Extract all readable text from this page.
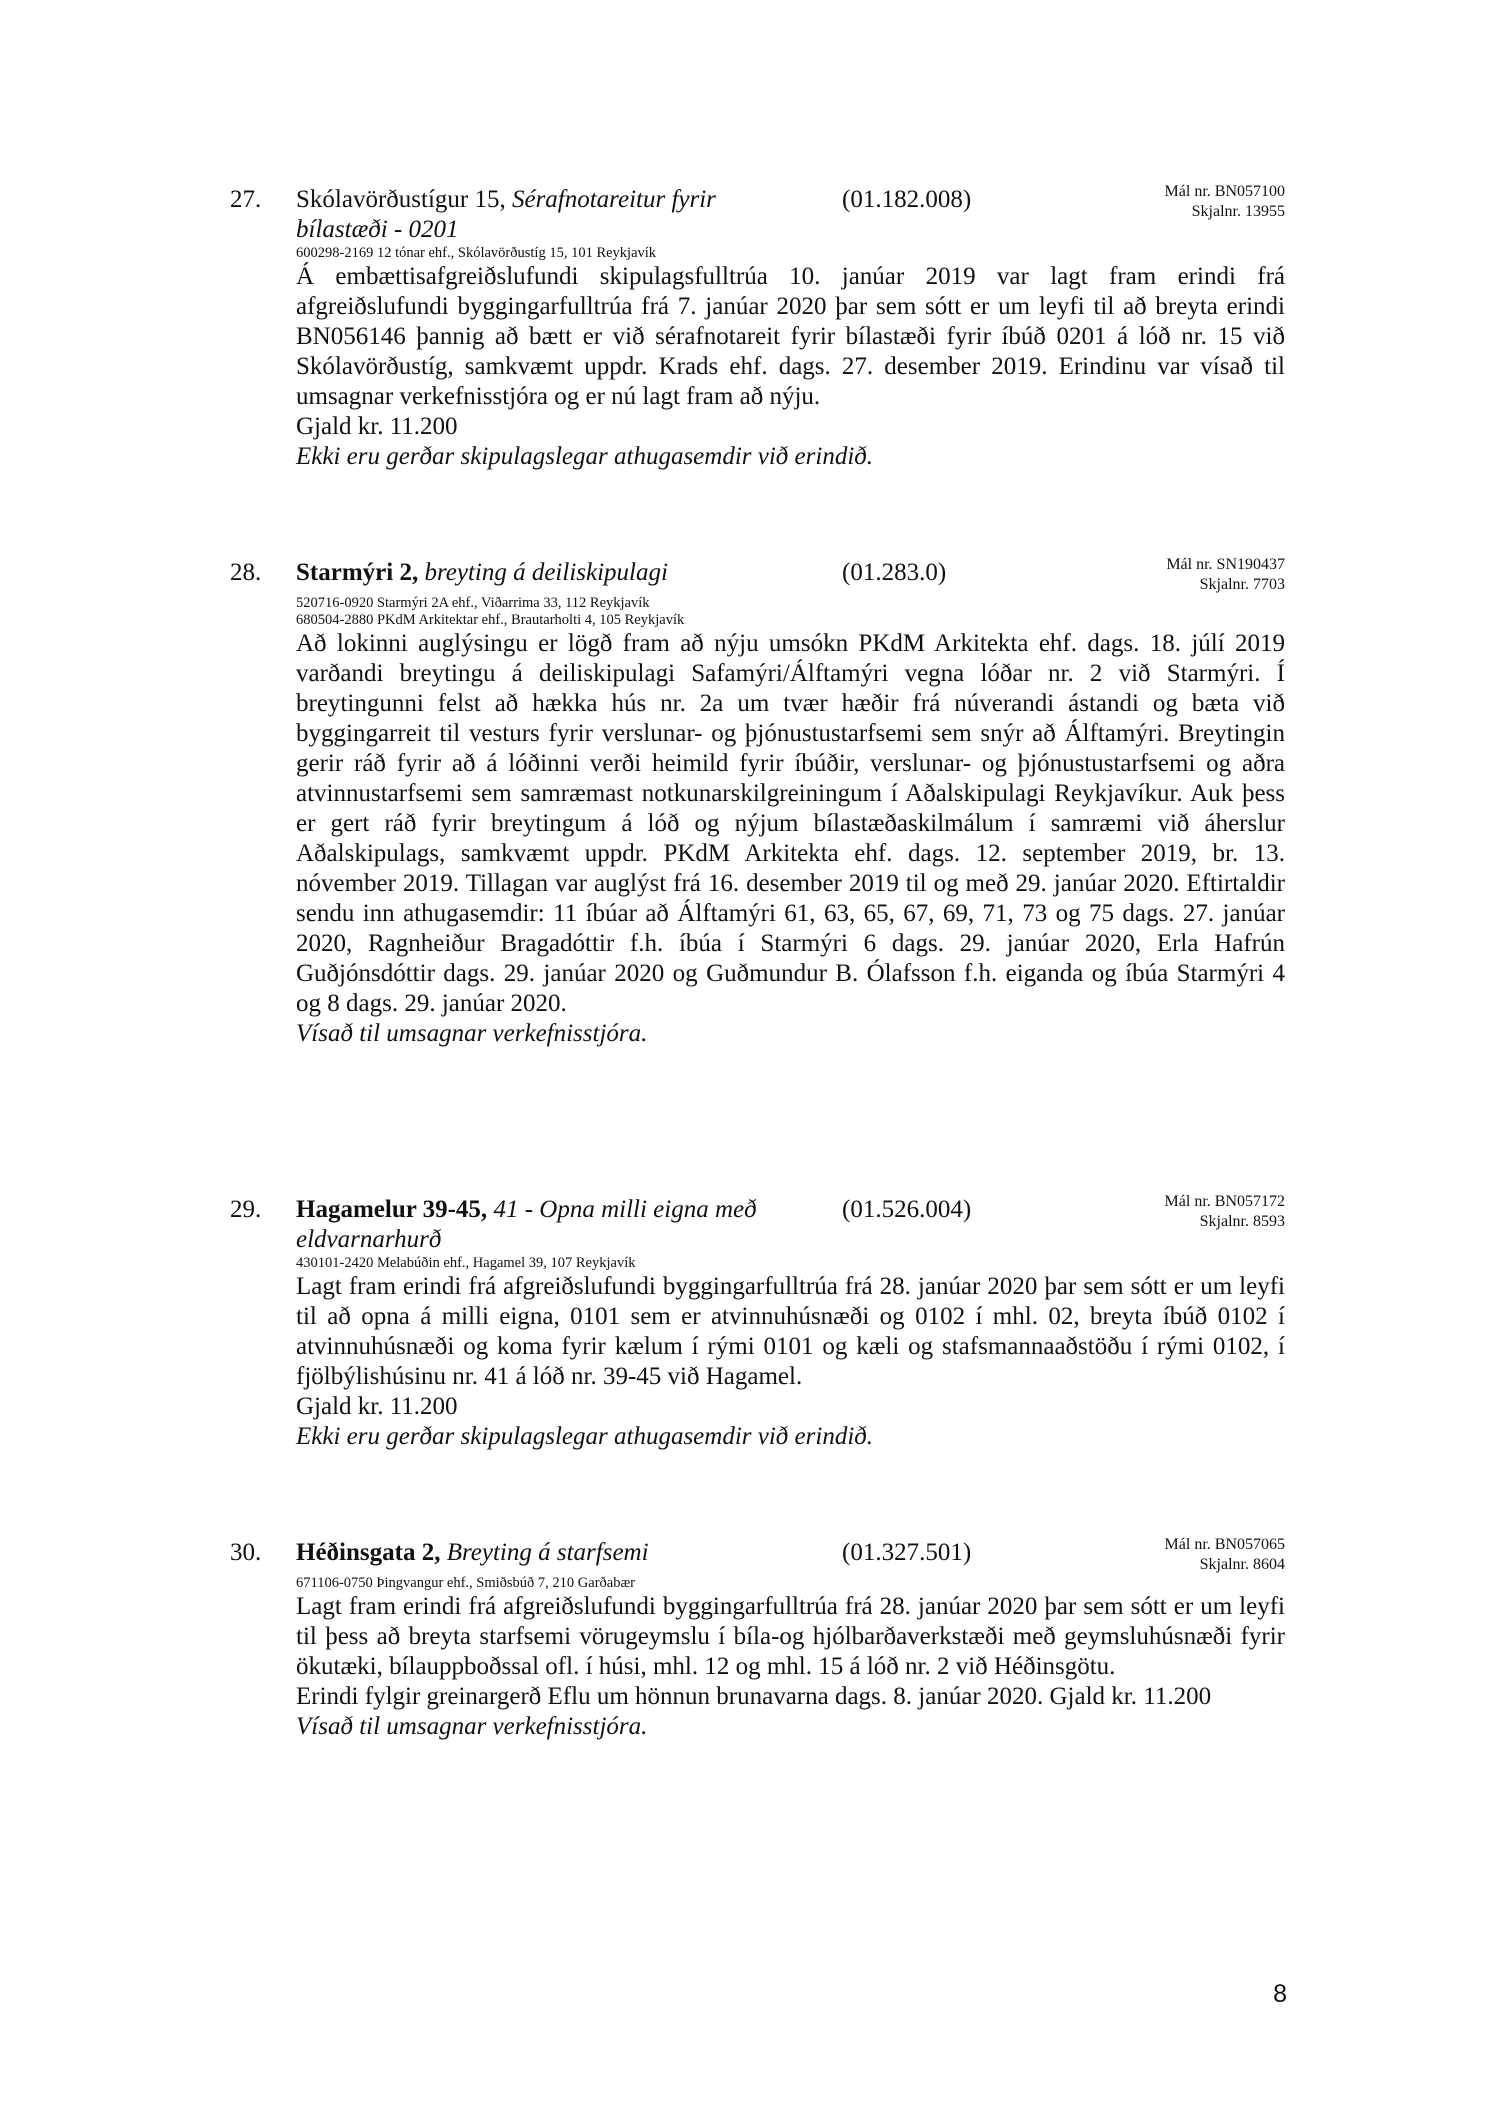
27. Skólavörðustígur 15, Sérafnotareitur fyrir bílastæði - 0201
(01.182.008)	Mál nr. BN057100
Skjalnr. 13955
600298-2169 12 tónar ehf., Skólavörðustíg 15, 101 Reykjavík

Á embættisafgreiðslufundi skipulagsfulltrúa 10. janúar 2019 var lagt fram erindi frá afgreiðslufundi byggingarfulltrúa frá 7. janúar 2020 þar sem sótt er um leyfi til að breyta erindi BN056146 þannig að bætt er við sérafnotareit fyrir bílastæði fyrir íbúð 0201 á lóð nr. 15 við Skólavörðustíg, samkvæmt uppdr. Krads ehf. dags. 27. desember 2019. Erindinu var vísað til umsagnar verkefnisstjóra og er nú lagt fram að nýju.

Gjald kr. 11.200
Ekki eru gerðar skipulagslegar athugasemdir við erindið.
28. Starmýri 2, breyting á deiliskipulagi	(01.283.0)	Mál nr. SN190437
Skjalnr. 7703
520716-0920 Starmýri 2A ehf., Viðarrima 33, 112 Reykjavík
680504-2880 PKdM Arkitektar ehf., Brautarholti 4, 105 Reykjavík

Að lokinni auglýsingu er lögð fram að nýju umsókn PKdM Arkitekta ehf. dags. 18. júlí 2019 varðandi breytingu á deiliskipulagi Safamýri/Álftamýri vegna lóðar nr. 2 við Starmýri. Í breytingunni felst að hækka hús nr. 2a um tvær hæðir frá núverandi ástandi og bæta við byggingarreit til vesturs fyrir verslunar- og þjónustustarfsemi sem snýr að Álftamýri. Breytingin gerir ráð fyrir að á lóðinni verði heimild fyrir íbúðir, verslunar- og þjónustustarfsemi og aðra atvinnustarfsemi sem samræmast notkunarskilgreiningum í Aðalskipulagi Reykjavíkur. Auk þess er gert ráð fyrir breytingum á lóð og nýjum bílastæðaskilmálum í samræmi við áherslur Aðalskipulags, samkvæmt uppdr. PKdM Arkitekta ehf. dags. 12. september 2019, br. 13. nóvember 2019. Tillagan var auglýst frá 16. desember 2019 til og með 29. janúar 2020. Eftirtaldir sendu inn athugasemdir: 11 íbúar að Álftamýri 61, 63, 65, 67, 69, 71, 73 og 75 dags. 27. janúar 2020, Ragnheiður Bragadóttir f.h. íbúa í Starmýri 6 dags. 29. janúar 2020, Erla Hafrún Guðjónsdóttir dags. 29. janúar 2020 og Guðmundur B. Ólafsson f.h. eiganda og íbúa Starmýri 4 og 8 dags. 29. janúar 2020.

Vísað til umsagnar verkefnisstjóra.
29. Hagamelur 39-45, 41 - Opna milli eigna með eldvarnarhurð
(01.526.004)	Mál nr. BN057172
Skjalnr. 8593
430101-2420 Melabúðin ehf., Hagamel 39, 107 Reykjavík

Lagt fram erindi frá afgreiðslufundi byggingarfulltrúa frá 28. janúar 2020 þar sem sótt er um leyfi til að opna á milli eigna, 0101 sem er atvinnuhúsnæði og 0102 í mhl. 02, breyta íbúð 0102 í atvinnuhúsnæði og koma fyrir kælum í rými 0101 og kæli og stafsmannaaðstöðu í rými 0102, í fjölbýlishúsinu nr. 41 á lóð nr. 39-45 við Hagamel.

Gjald kr. 11.200
Ekki eru gerðar skipulagslegar athugasemdir við erindið.
30. Héðinsgata 2, Breyting á starfsemi	(01.327.501)	Mál nr. BN057065
Skjalnr. 8604
671106-0750 Þingvangur ehf., Smiðsbúð 7, 210 Garðabær

Lagt fram erindi frá afgreiðslufundi byggingarfulltrúa frá 28. janúar 2020 þar sem sótt er um leyfi til þess að breyta starfsemi vörugeymslu í bíla-og hjólbarðaverkstæði með geymsluhúsnæði fyrir ökutæki, bílauppboðssal ofl. í húsi, mhl. 12 og mhl. 15 á lóð nr. 2 við Héðinsgötu.

Erindi fylgir greinargerð Eflu um hönnun brunavarna dags. 8. janúar 2020. Gjald kr. 11.200

Vísað til umsagnar verkefnisstjóra.
8
